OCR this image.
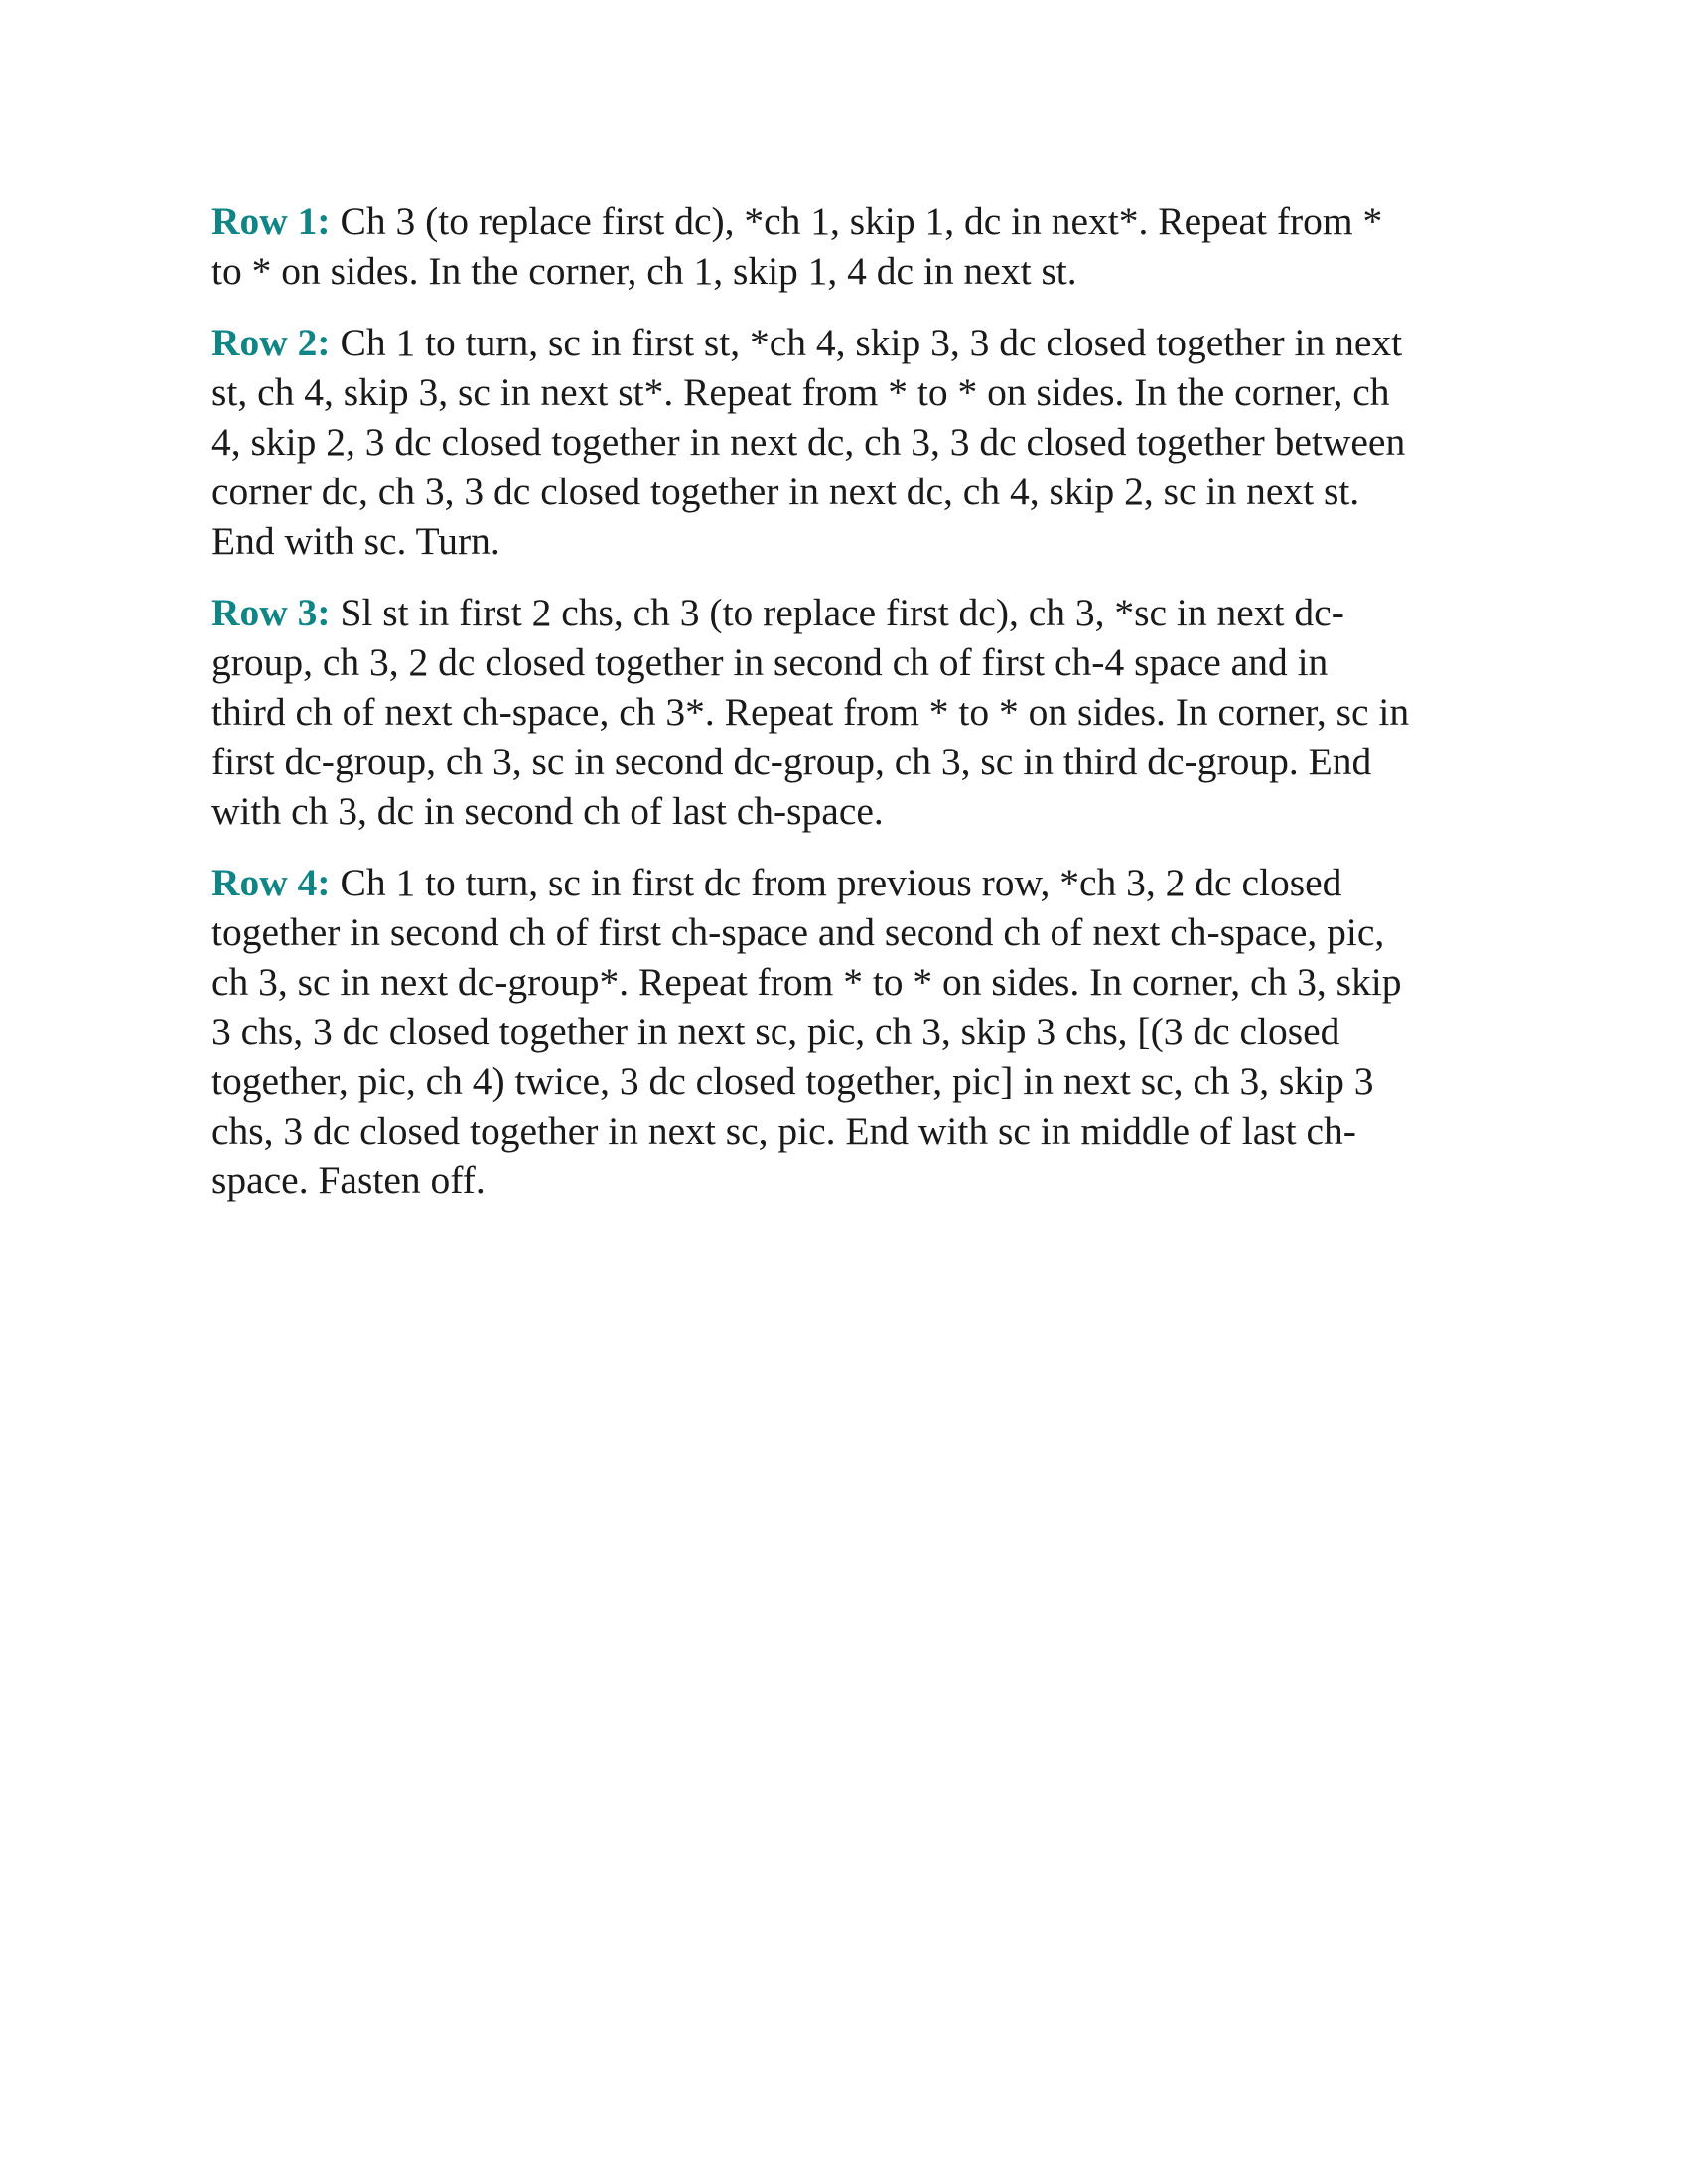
Row 1: Ch 3 (to replace first dc), *ch 1, skip 1, dc in next*. Repeat from *
to * on sides. In the corner, ch 1, skip 1, 4 dc in next st.

Row 2: Ch 1 to turn, sc in first st, *ch 4, skip 3, 3 dc closed together in next
st, ch 4, skip 3, sc in next st*. Repeat from * to * on sides. In the corner, ch
4, skip 2, 3 dc closed together in next dc, ch 3, 3 dc closed together between
corner dc, ch 3, 3 dc closed together in next dc, ch 4, skip 2, sc in next st.
End with sc. Turn.

Row 3: Sl st in first 2 chs, ch 3 (to replace first dc), ch 3, *sc in next dc-
group, ch 3, 2 dc closed together in second ch of first ch-4 space and in
third ch of next ch-space, ch 3*. Repeat from * to * on sides. In corner, sc in
first dc-group, ch 3, sc in second dc-group, ch 3, sc in third dc-group. End
with ch 3, dc in second ch of last ch-space.

Row 4: Ch 1 to turn, sc in first dc from previous row, *ch 3, 2 dc closed
together in second ch of first ch-space and second ch of next ch-space, pic,
ch 3, sc in next dc-group*. Repeat from * to * on sides. In corner, ch 3, skip
3 chs, 3 dc closed together in next sc, pic, ch 3, skip 3 chs, [(3 dc closed
together, pic, ch 4) twice, 3 dc closed together, pic] in next sc, ch 3, skip 3
chs, 3 dc closed together in next sc, pic. End with sc in middle of last ch-
space. Fasten off.
